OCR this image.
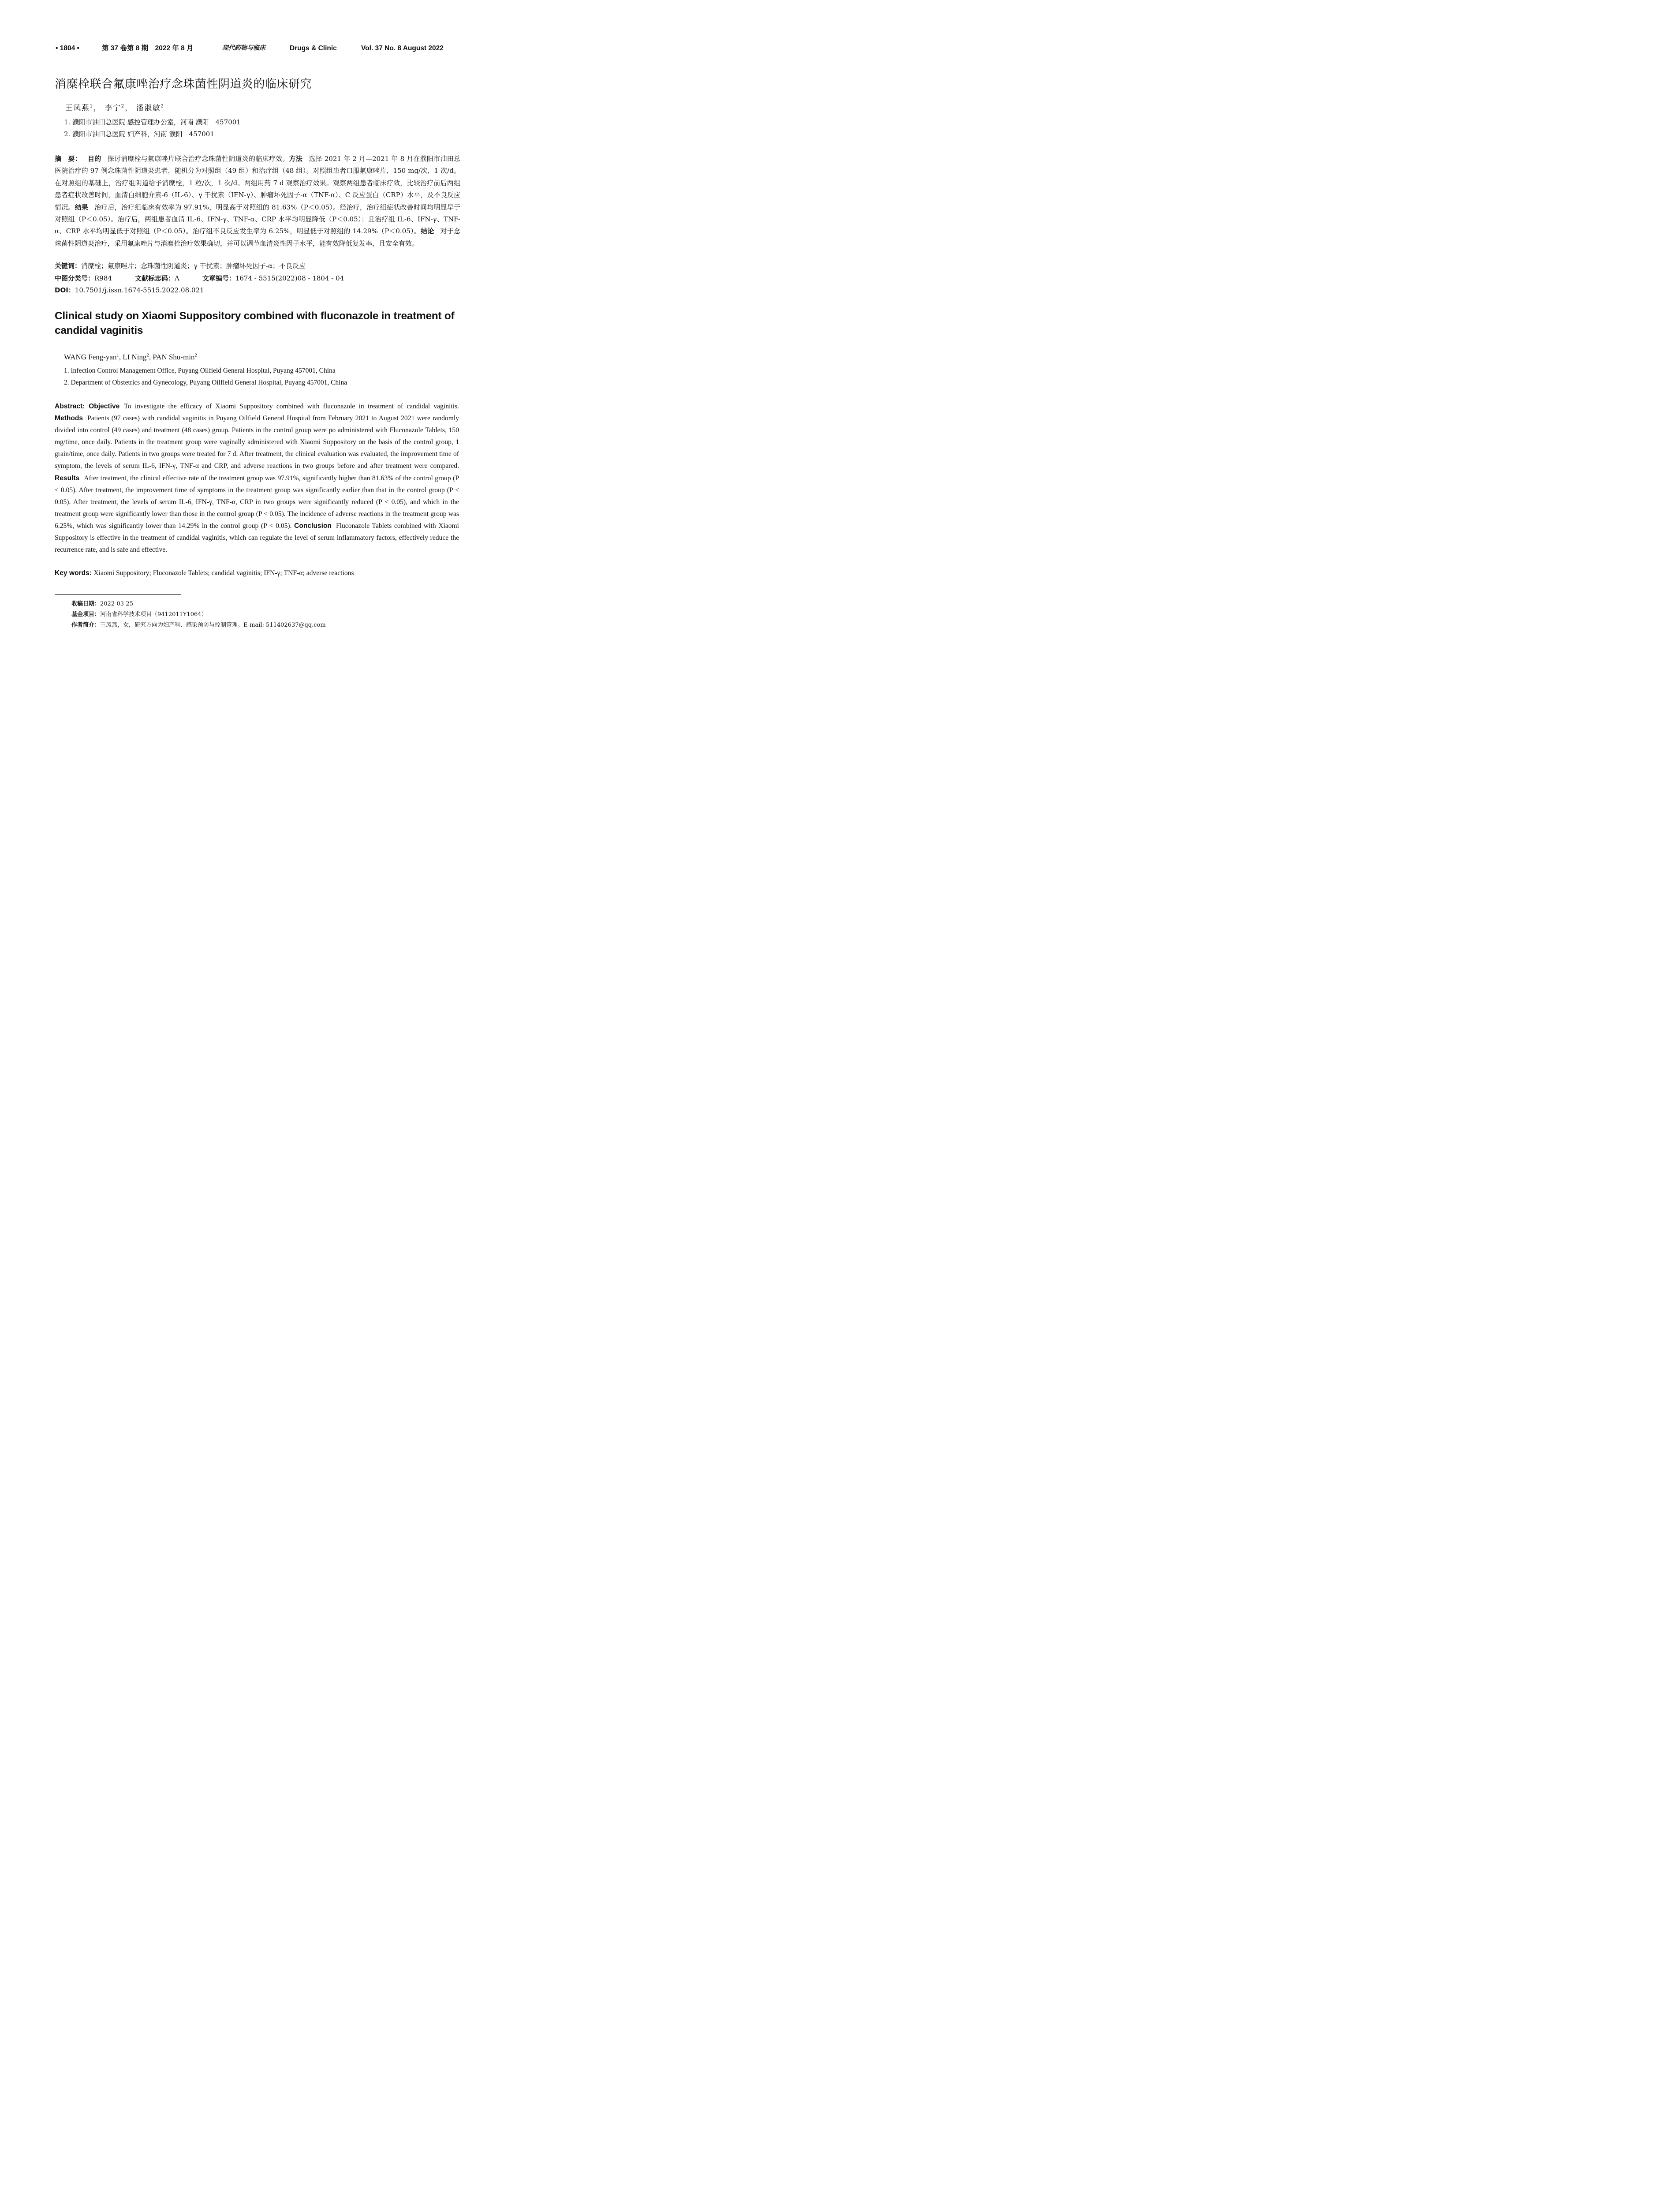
• 1804 •	第 37 卷第 8 期　2022 年 8 月	现代药物与临床	Drugs & Clinic	Vol. 37 No. 8 August 2022
消糜栓联合氟康唑治疗念珠菌性阴道炎的临床研究
王凤燕$^1$， 李宁$^2$， 潘淑敏$^2$
1. 濮阳市油田总医院 感控管理办公室，河南 濮阳　457001
2. 濮阳市油田总医院 妇产科，河南 濮阳　457001

摘　要： 目的 探讨消糜栓与氟康唑片联合治疗念珠菌性阴道炎的临床疗效。方法 选择 2021 年 2 月—2021 年 8 月在濮阳市油田总医院治疗的 97 例念珠菌性阴道炎患者，随机分为对照组（49 组）和治疗组（48 组）。对照组患者口服氟康唑片，150 mg/次，1 次/d。在对照组的基础上，治疗组阴道给予消糜栓，1 粒/次，1 次/d。两组用药 7 d 观察治疗效果。观察两组患者临床疗效，比较治疗前后两组患者症状改善时间，血清白细胞介素-6（IL-6）、γ 干扰素（IFN-γ）、肿瘤坏死因子-α（TNF-α）、C 反应蛋白（CRP）水平，及不良反应情况。结果 治疗后，治疗组临床有效率为 97.91%，明显高于对照组的 81.63%（P＜0.05）。经治疗，治疗组症状改善时间均明显早于对照组（P＜0.05）。治疗后，两组患者血清 IL-6、IFN-γ、TNF-α、CRP 水平均明显降低（P＜0.05）；且治疗组 IL-6、IFN-γ、TNF-α、CRP 水平均明显低于对照组（P＜0.05）。治疗组不良反应发生率为 6.25%，明显低于对照组的 14.29%（P＜0.05）。结论 对于念珠菌性阴道炎治疗，采用氟康唑片与消糜栓治疗效果确切，并可以调节血清炎性因子水平，能有效降低复发率，且安全有效。

关键词：消糜栓；氟康唑片；念珠菌性阴道炎；γ 干扰素；肿瘤坏死因子-α；不良反应
中图分类号：R984	文献标志码：A	文章编号：1674 - 5515(2022)08 - 1804 - 04
DOI：10.7501/j.issn.1674-5515.2022.08.021
Clinical study on Xiaomi Suppository combined with fluconazole in treatment of candidal vaginitis
WANG Feng-yan$^1$, LI Ning$^2$, PAN Shu-$\min^2$
1. Infection Control Management Office, Puyang Oilfield General Hospital, Puyang 457001, China
2. Department of Obstetrics and Gynecology, Puyang Oilfield General Hospital, Puyang 457001, China

Abstract: Objective To investigate the efficacy of Xiaomi Suppository combined with fluconazole in treatment of candidal vaginitis. Methods Patients (97 cases) with candidal vaginitis in Puyang Oilfield General Hospital from February 2021 to August 2021 were randomly divided into control (49 cases) and treatment (48 cases) group. Patients in the control group were po administered with Fluconazole Tablets, 150 mg/time, once daily. Patients in the treatment group were vaginally administered with Xiaomi Suppository on the basis of the control group, 1 grain/time, once daily. Patients in two groups were treated for 7 d. After treatment, the clinical evaluation was evaluated, the improvement time of symptom, the levels of serum IL-6, IFN-γ, TNF-α and CRP, and adverse reactions in two groups before and after treatment were compared. Results After treatment, the clinical effective rate of the treatment group was 97.91%, significantly higher than 81.63% of the control group (P < 0.05). After treatment, the improvement time of symptoms in the treatment group was significantly earlier than that in the control group (P < 0.05). After treatment, the levels of serum IL-6, IFN-γ, TNF-α, CRP in two groups were significantly reduced (P < 0.05), and which in the treatment group were significantly lower than those in the control group (P < 0.05). The incidence of adverse reactions in the treatment group was 6.25%, which was significantly lower than 14.29% in the control group (P < 0.05). Conclusion Fluconazole Tablets combined with Xiaomi Suppository is effective in the treatment of candidal vaginitis, which can regulate the level of serum inflammatory factors, effectively reduce the recurrence rate, and is safe and effective.

Key words: Xiaomi Suppository; Fluconazole Tablets; candidal vaginitis; IFN-γ; TNF-α; adverse reactions
收稿日期：2022-03-25
基金项目：河南省科学技术项目（9412011Y1064）
作者简介：王凤燕，女，研究方向为妇产科、感染预防与控制管理。E-mail: 511402637@qq.com
